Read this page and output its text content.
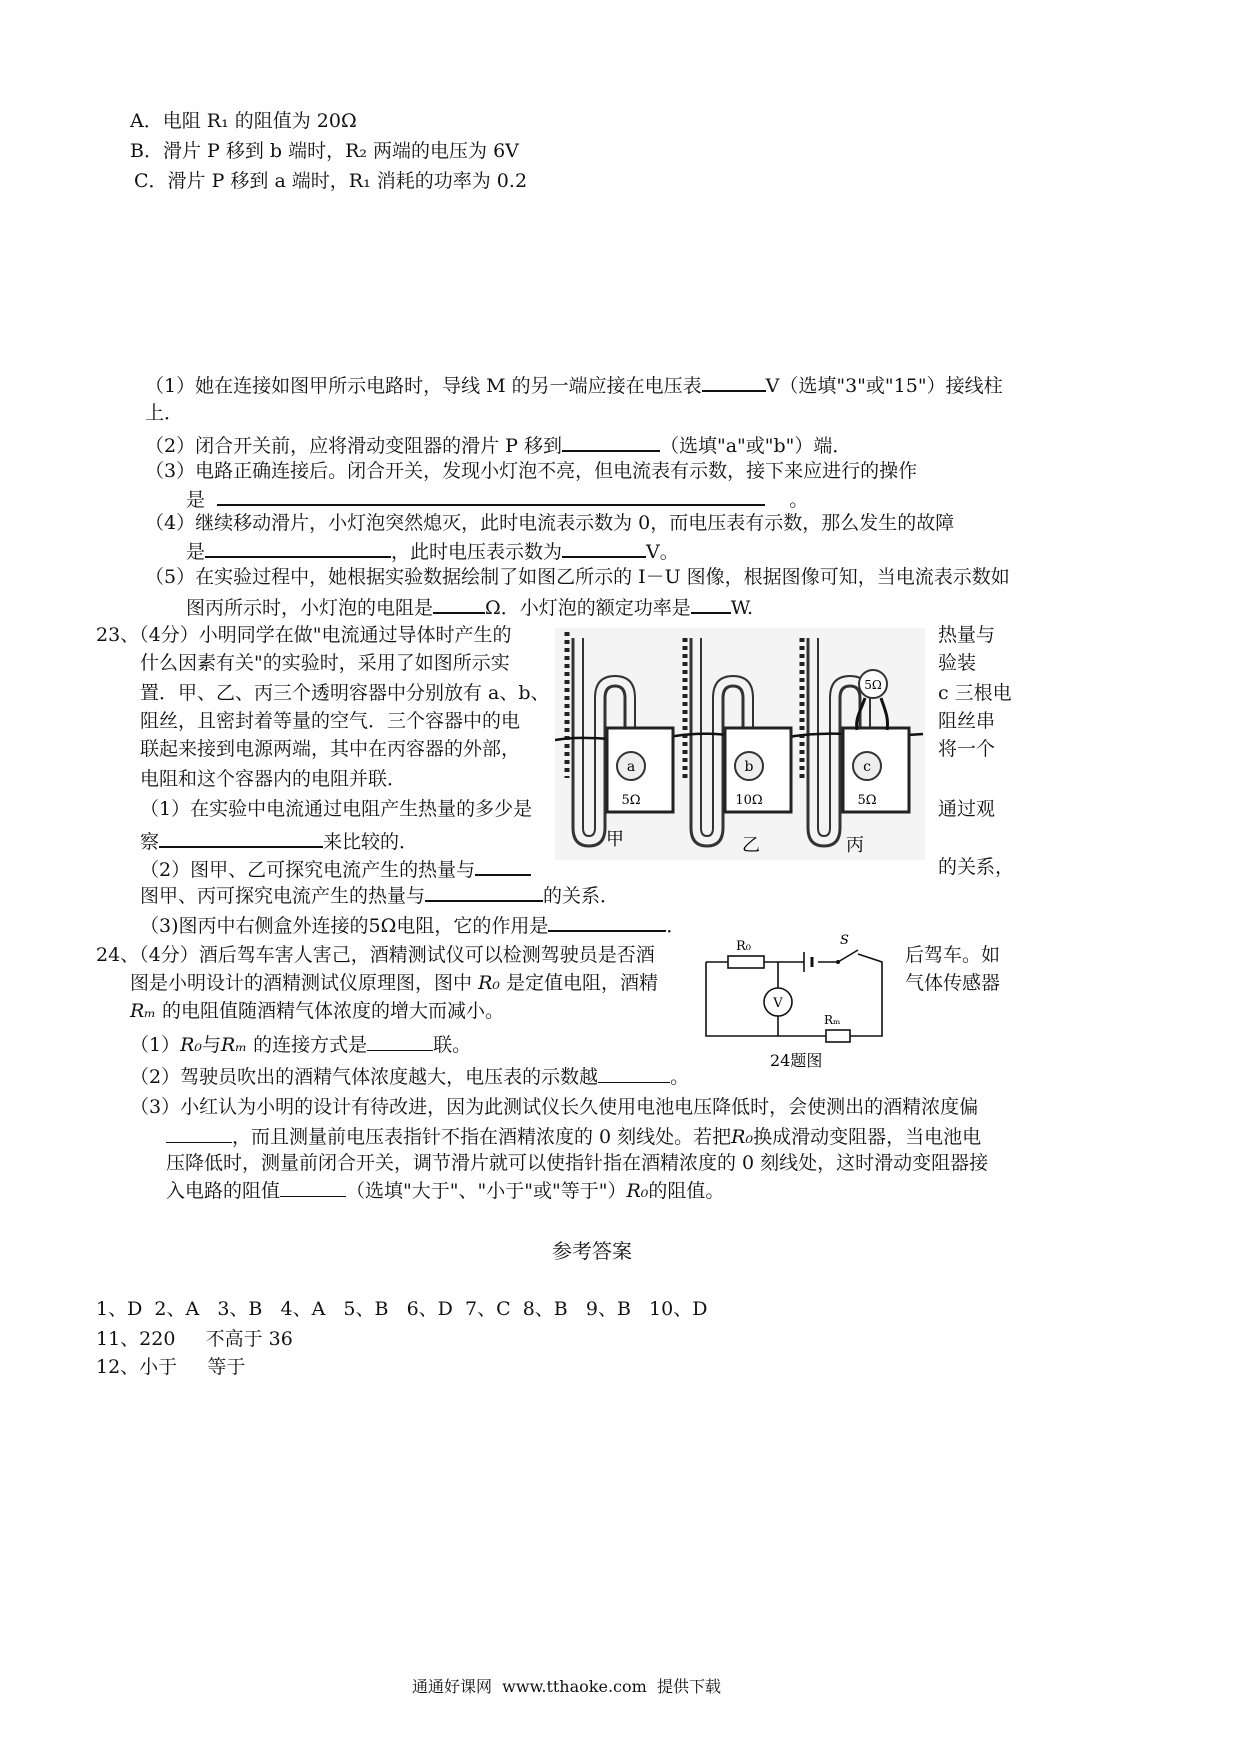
A．电阻 R₁ 的阻值为 20Ω
B．滑片 P 移到 b 端时，R₂ 两端的电压为 6V
C．滑片 P 移到 a 端时，R₁ 消耗的功率为 0.2
（1）她在连接如图甲所示电路时，导线 M 的另一端应接在电压表	V（选填"3"或"15"）接线柱
上．
（2）闭合开关前，应将滑动变阻器的滑片 P 移到	（选填"a"或"b"）端．
（3）电路正确连接后。闭合开关，发现小灯泡不亮，但电流表有示数，接下来应进行的操作
是	。
（4）继续移动滑片，小灯泡突然熄灭，此时电流表示数为 0，而电压表有示数，那么发生的故障
是	，此时电压表示数为	V。
（5）在实验过程中，她根据实验数据绘制了如图乙所示的 I－U 图像，根据图像可知，当电流表示数如
图丙所示时，小灯泡的电阻是	Ω．小灯泡的额定功率是 W.
23、（4分）小明同学在做"电流通过导体时产生的
什么因素有关"的实验时，采用了如图所示实
置．甲、乙、丙三个透明容器中分别放有 a、b、
阻丝，且密封着等量的空气．三个容器中的电
联起来接到电源两端，其中在丙容器的外部，
电阻和这个容器内的电阻并联．
（1）在实验中电流通过电阻产生热量的多少是
察	来比较的．
（2）图甲、乙可探究电流产生的热量与
图甲、丙可探究电流产生的热量与	的关系．
（3)图丙中右侧盒外连接的5Ω电阻，它的作用是	．
热量与
验装
c 三根电
阻丝串
将一个
通过观
的关系，
a	b	c
5Ω	10Ω	5Ω
5Ω
甲	乙	丙
24、（4分）酒后驾车害人害己，酒精测试仪可以检测驾驶员是否酒	后驾车。如
图是小明设计的酒精测试仪原理图，图中 R₀ 是定值电阻，酒精	气体传感器
Rₘ 的电阻值随酒精气体浓度的增大而减小。
（1）R₀与Rₘ 的连接方式是	联。
（2）驾驶员吹出的酒精气体浓度越大，电压表的示数越	。
（3）小红认为小明的设计有待改进，因为此测试仪长久使用电池电压降低时，会使测出的酒精浓度偏
，而且测量前电压表指针不指在酒精浓度的 0 刻线处。若把R₀换成滑动变阻器，当电池电
压降低时，测量前闭合开关，调节滑片就可以使指针指在酒精浓度的 0 刻线处，这时滑动变阻器接
入电路的阻值	（选填"大于"、"小于"或"等于"）R₀的阻值。
R₀	S
V
Rₘ
24题图
参考答案
1、D  2、A   3、B   4、A   5、B   6、D  7、C  8、B   9、B   10、D
11、220     不高于 36
12、小于     等于
通通好课网  www.tthaoke.com  提供下载
